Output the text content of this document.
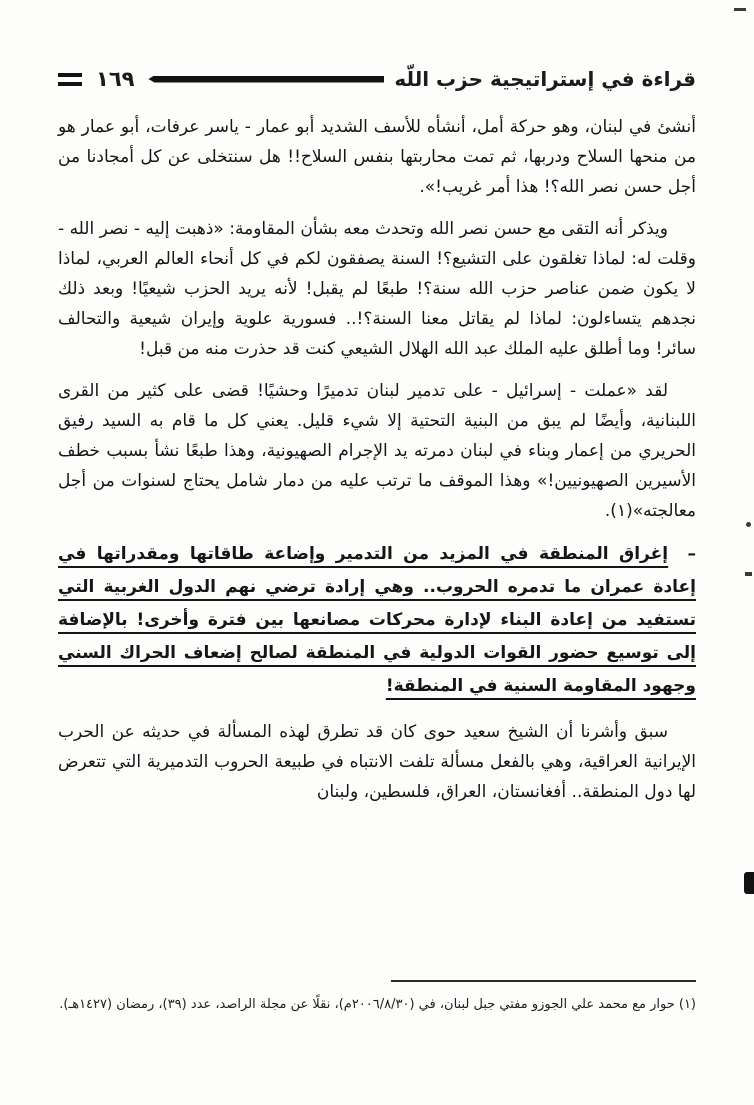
١٦٩	قراءة في إستراتيجية حزب اللّه

أنشئ في لبنان، وهو حركة أمل، أنشأه للأسف الشديد أبو عمار - ياسر عرفات، أبو عمار هو من منحها السلاح ودربها، ثم تمت محاربتها بنفس السلاح!! هل سنتخلى عن كل أمجادنا من أجل حسن نصر الله؟! هذا أمر غريب!».

ويذكر أنه التقى مع حسن نصر الله وتحدث معه بشأن المقاومة: «ذهبت إليه - نصر الله - وقلت له: لماذا تغلقون على التشيع؟! السنة يصفقون لكم في كل أنحاء العالم العربي، لماذا لا يكون ضمن عناصر حزب الله سنة؟! طبعًا لم يقبل! لأنه يريد الحزب شيعيًا! وبعد ذلك نجدهم يتساءلون: لماذا لم يقاتل معنا السنة؟!.. فسورية علوية وإيران شيعية والتحالف سائر! وما أطلق عليه الملك عبد الله الهلال الشيعي كنت قد حذرت منه من قبل!

لقد «عملت - إسرائيل - على تدمير لبنان تدميرًا وحشيًا! قضى على كثير من القرى اللبنانية، وأيضًا لم يبق من البنية التحتية إلا شيء قليل. يعني كل ما قام به السيد رفيق الحريري من إعمار وبناء في لبنان دمرته يد الإجرام الصهيونية، وهذا طبعًا نشأ بسبب خطف الأسيرين الصهيونيين!» وهذا الموقف ما ترتب عليه من دمار شامل يحتاج لسنوات من أجل معالجته»(١).

– إغراق المنطقة في المزيد من التدمير وإضاعة طاقاتها ومقدراتها في إعادة عمران ما تدمره الحروب.. وهي إرادة ترضي نهم الدول الغربية التي تستفيد من إعادة البناء لإدارة محركات مصانعها بين فترة وأخرى! بالإضافة إلى توسيع حضور القوات الدولية في المنطقة لصالح إضعاف الحراك السني وجهود المقاومة السنية في المنطقة!

سبق وأشرنا أن الشيخ سعيد حوى كان قد تطرق لهذه المسألة في حديثه عن الحرب الإيرانية العراقية، وهي بالفعل مسألة تلفت الانتباه في طبيعة الحروب التدميرية التي تتعرض لها دول المنطقة.. أفغانستان، العراق، فلسطين، ولبنان

(١) حوار مع محمد علي الجوزو مفتي جبل لبنان، في (٢٠٠٦/٨/٣٠م)، نقلًا عن مجلة الراصد، عدد (٣٩)، رمضان (١٤٢٧هـ).
